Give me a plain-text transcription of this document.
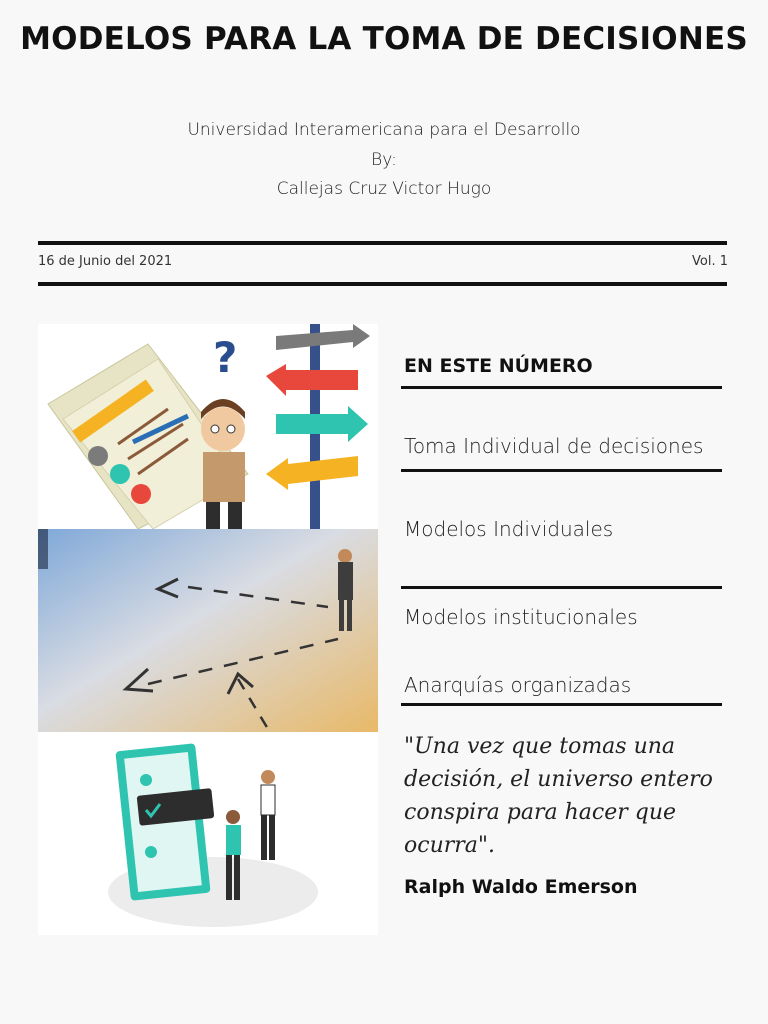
MODELOS PARA LA TOMA DE DECISIONES
Universidad Interamericana para el Desarrollo
By:
Callejas Cruz Victor Hugo
16 de Junio del 2021	Vol. 1
?	EN ESTE NÚMERO
Toma Individual de decisiones
Modelos Individuales
Modelos institucionales
Anarquías organizadas
"Una vez que tomas una decisión, el universo entero conspira para hacer que ocurra".
Ralph Waldo Emerson
